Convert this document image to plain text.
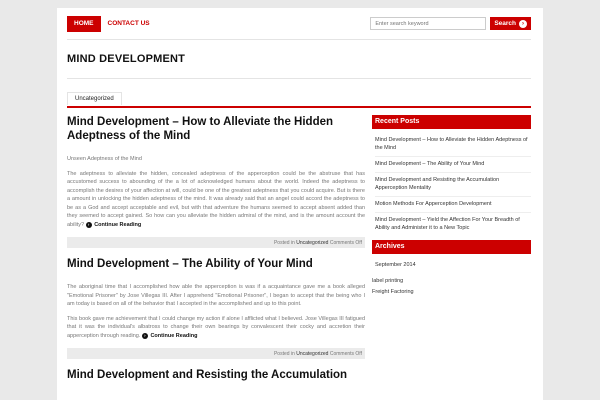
HOME	CONTACT US
Enter search keyword	Search	›
MIND DEVELOPMENT
Uncategorized
Mind Development – How to Alleviate the Hidden Adeptness of the Mind

Unseen Adeptness of the Mind

The adeptness to alleviate the hidden, concealed adeptness of the apperception could be the abstruse that has accustomed success to abounding of the a lot of acknowledged humans about the world. Indeed the adeptness to accomplish the desires of your affection at will, could be one of the greatest adeptness that you could acquire. But is there a amount in unlocking the hidden adeptness of the mind. It was already said that an angel could accord the adeptness to be as a God and accept acceptable and evil, but with that adventure the humans seemed to accept absent added than they seemed to accept gained. So how can you alleviate the hidden admiral of the mind, and is the amount account the ability? › Continue Reading

Posted in Uncategorized Comments Off
Mind Development – The Ability of Your Mind

The aboriginal time that I accomplished how able the apperception is was if a acquaintance gave me a book alleged "Emotional Prisoner" by Jose Villegas III. After I apprehend "Emotional Prisoner", I began to accept that the being who I am today is based on all of the behavior that I accepted in the accomplished and up to this point.

This book gave me achievement that I could change my action if alone I afflicted what I believed. Jose Villegas III fatigued that it was the individual's albatross to change their own bearings by convalescent their cocky and accretion their apperception through reading. › Continue Reading

Posted in Uncategorized Comments Off
Mind Development and Resisting the Accumulation
Recent Posts
Mind Development – How to Alleviate the Hidden Adeptness of the Mind
Mind Development – The Ability of Your Mind
Mind Development and Resisting the Accumulation Apperception Mentality
Motion Methods For Apperception Development
Mind Development – Yield the Affection For Your Breadth of Ability and Administer it to a New Topic
Archives
September 2014
label printing
Freight Factoring
